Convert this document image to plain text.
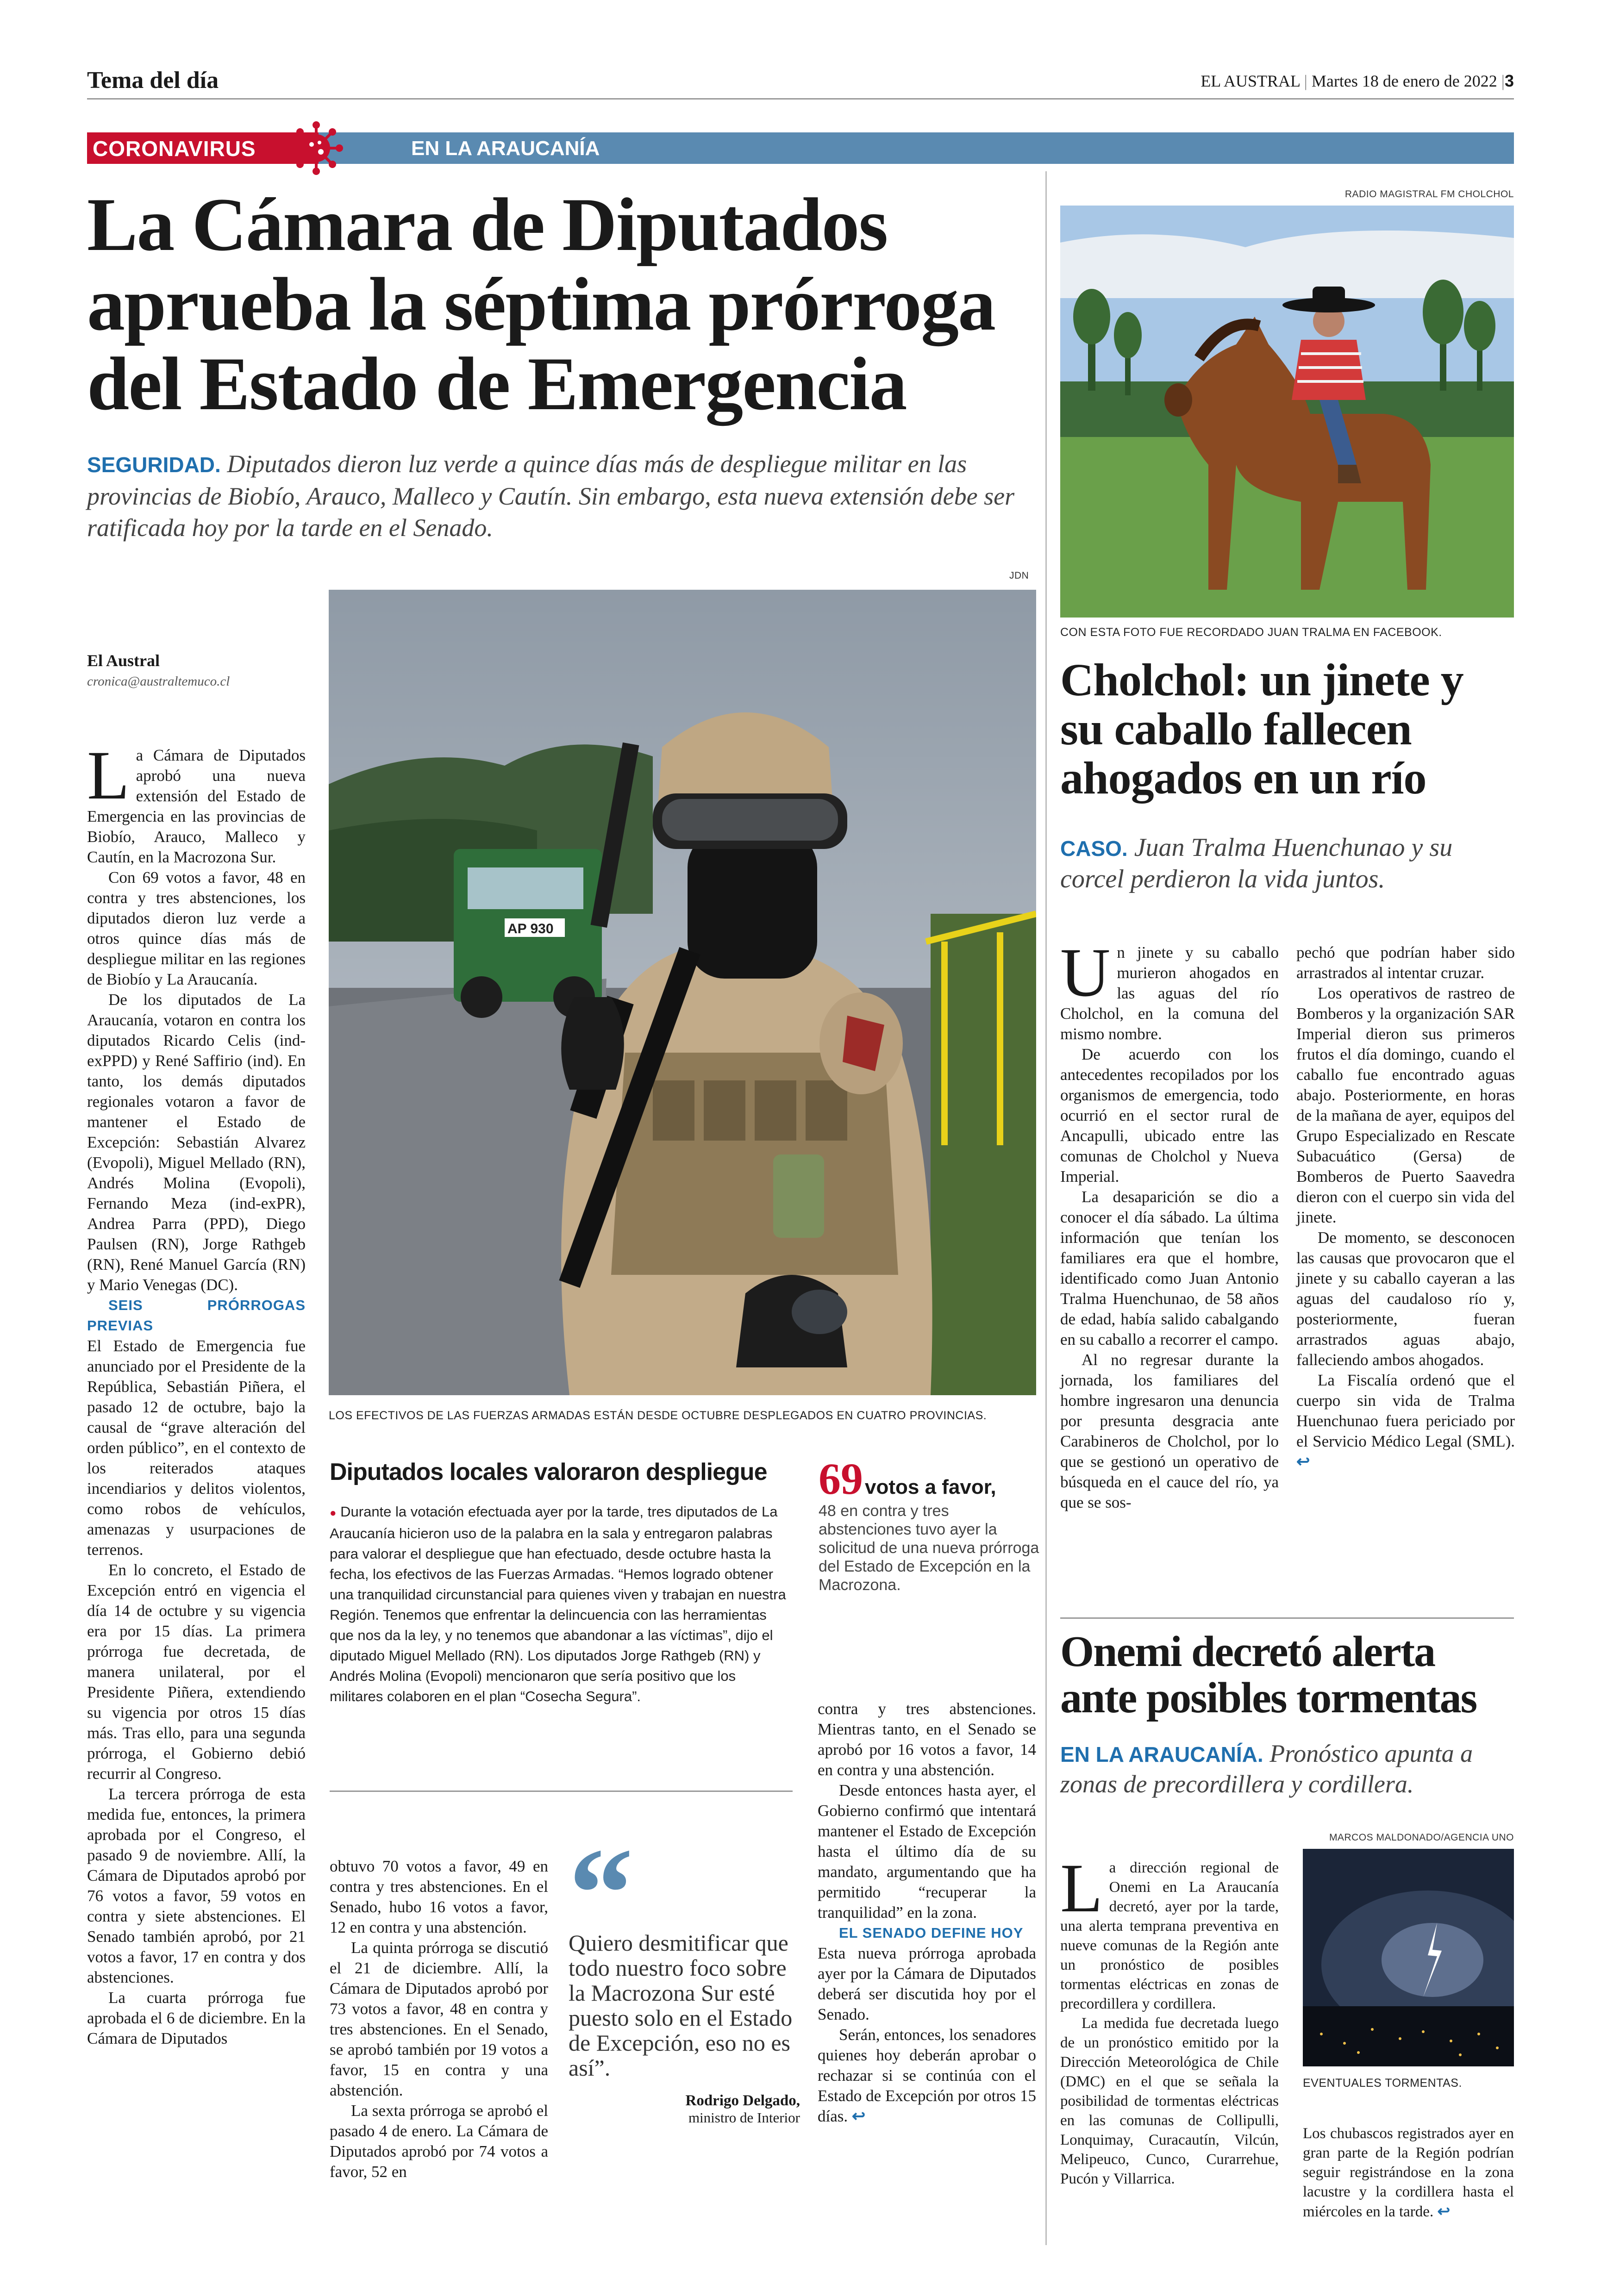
Tema del día	EL AUSTRAL | Martes 18 de enero de 2022 |3
CORONAVIRUS	EN LA ARAUCANÍA
La Cámara de Diputados aprueba la séptima prórroga del Estado de Emergencia
SEGURIDAD. Diputados dieron luz verde a quince días más de despliegue militar en las provincias de Biobío, Arauco, Malleco y Cautín. Sin embargo, esta nueva extensión debe ser ratificada hoy por la tarde en el Senado.
JDN
AP 930
LOS EFECTIVOS DE LAS FUERZAS ARMADAS ESTÁN DESDE OCTUBRE DESPLEGADOS EN CUATRO PROVINCIAS.
El Austral
cronica@australtemuco.cl

La Cámara de Diputados aprobó una nueva extensión del Estado de Emergencia en las provincias de Biobío, Arauco, Malleco y Cautín, en la Macrozona Sur.

Con 69 votos a favor, 48 en contra y tres abstenciones, los diputados dieron luz verde a otros quince días más de despliegue militar en las regiones de Biobío y La Araucanía.

De los diputados de La Araucanía, votaron en contra los diputados Ricardo Celis (ind-exPPD) y René Saffirio (ind). En tanto, los demás diputados regionales votaron a favor de mantener el Estado de Excepción: Sebastián Alvarez (Evopoli), Miguel Mellado (RN), Andrés Molina (Evopoli), Fernando Meza (ind-exPR), Andrea Parra (PPD), Diego Paulsen (RN), Jorge Rathgeb (RN), René Manuel García (RN) y Mario Venegas (DC).

SEIS PRÓRROGAS PREVIAS

El Estado de Emergencia fue anunciado por el Presidente de la República, Sebastián Piñera, el pasado 12 de octubre, bajo la causal de “grave alteración del orden público”, en el contexto de los reiterados ataques incendiarios y delitos violentos, como robos de vehículos, amenazas y usurpaciones de terrenos.

En lo concreto, el Estado de Excepción entró en vigencia el día 14 de octubre y su vigencia era por 15 días. La primera prórroga fue decretada, de manera unilateral, por el Presidente Piñera, extendiendo su vigencia por otros 15 días más. Tras ello, para una segunda prórroga, el Gobierno debió recurrir al Congreso.

La tercera prórroga de esta medida fue, entonces, la primera aprobada por el Congreso, el pasado 9 de noviembre. Allí, la Cámara de Diputados aprobó por 76 votos a favor, 59 votos en contra y siete abstenciones. El Senado también aprobó, por 21 votos a favor, 17 en contra y dos abstenciones.

La cuarta prórroga fue aprobada el 6 de diciembre. En la Cámara de Diputados

Diputados locales valoraron despliegue
● Durante la votación efectuada ayer por la tarde, tres diputados de La Araucanía hicieron uso de la palabra en la sala y entregaron palabras para valorar el despliegue que han efectuado, desde octubre hasta la fecha, los efectivos de las Fuerzas Armadas. “Hemos logrado obtener una tranquilidad circunstancial para quienes viven y trabajan en nuestra Región. Tenemos que enfrentar la delincuencia con las herramientas que nos da la ley, y no tenemos que abandonar a las víctimas”, dijo el diputado Miguel Mellado (RN). Los diputados Jorge Rathgeb (RN) y Andrés Molina (Evopoli) mencionaron que sería positivo que los militares colaboren en el plan “Cosecha Segura”.
69 votos a favor,
48 en contra y tres abstenciones tuvo ayer la solicitud de una nueva prórroga del Estado de Excepción en la Macrozona.

obtuvo 70 votos a favor, 49 en contra y tres abstenciones. En el Senado, hubo 16 votos a favor, 12 en contra y una abstención.

La quinta prórroga se discutió el 21 de diciembre. Allí, la Cámara de Diputados aprobó por 73 votos a favor, 48 en contra y tres abstenciones. En el Senado, se aprobó también por 19 votos a favor, 15 en contra y una abstención.

La sexta prórroga se aprobó el pasado 4 de enero. La Cámara de Diputados aprobó por 74 votos a favor, 52 en

“
Quiero desmitificar que todo nuestro foco sobre la Macrozona Sur esté puesto solo en el Estado de Excepción, eso no es así”.
Rodrigo Delgado,
ministro de Interior

contra y tres abstenciones. Mientras tanto, en el Senado se aprobó por 16 votos a favor, 14 en contra y una abstención.

Desde entonces hasta ayer, el Gobierno confirmó que intentará mantener el Estado de Excepción hasta el último día de su mandato, argumentando que ha permitido “recuperar la tranquilidad” en la zona.

EL SENADO DEFINE HOY

Esta nueva prórroga aprobada ayer por la Cámara de Diputados deberá ser discutida hoy por el Senado.

Serán, entonces, los senadores quienes hoy deberán aprobar o rechazar si se continúa con el Estado de Excepción por otros 15 días. ↩

RADIO MAGISTRAL FM CHOLCHOL
CON ESTA FOTO FUE RECORDADO JUAN TRALMA EN FACEBOOK.
Cholchol: un jinete y su caballo fallecen ahogados en un río
CASO. Juan Tralma Huenchunao y su corcel perdieron la vida juntos.

Un jinete y su caballo murieron ahogados en las aguas del río Cholchol, en la comuna del mismo nombre.

De acuerdo con los antecedentes recopilados por los organismos de emergencia, todo ocurrió en el sector rural de Ancapulli, ubicado entre las comunas de Cholchol y Nueva Imperial.

La desaparición se dio a conocer el día sábado. La última información que tenían los familiares era que el hombre, identificado como Juan Antonio Tralma Huenchunao, de 58 años de edad, había salido cabalgando en su caballo a recorrer el campo.

Al no regresar durante la jornada, los familiares del hombre ingresaron una denuncia por presunta desgracia ante Carabineros de Cholchol, por lo que se gestionó un operativo de búsqueda en el cauce del río, ya que se sos-

pechó que podrían haber sido arrastrados al intentar cruzar.

Los operativos de rastreo de Bomberos y la organización SAR Imperial dieron sus primeros frutos el día domingo, cuando el caballo fue encontrado aguas abajo. Posteriormente, en horas de la mañana de ayer, equipos del Grupo Especializado en Rescate Subacuático (Gersa) de Bomberos de Puerto Saavedra dieron con el cuerpo sin vida del jinete.

De momento, se desconocen las causas que provocaron que el jinete y su caballo cayeran a las aguas del caudaloso río y, posteriormente, fueran arrastrados aguas abajo, falleciendo ambos ahogados.

La Fiscalía ordenó que el cuerpo sin vida de Tralma Huenchunao fuera periciado por el Servicio Médico Legal (SML). ↩

Onemi decretó alerta ante posibles tormentas
EN LA ARAUCANÍA. Pronóstico apunta a zonas de precordillera y cordillera.

La dirección regional de Onemi en La Araucanía decretó, ayer por la tarde, una alerta temprana preventiva en nueve comunas de la Región ante un pronóstico de posibles tormentas eléctricas en zonas de precordillera y cordillera.

La medida fue decretada luego de un pronóstico emitido por la Dirección Meteorológica de Chile (DMC) en el que se señala la posibilidad de tormentas eléctricas en las comunas de Collipulli, Lonquimay, Curacautín, Vilcún, Melipeuco, Cunco, Curarrehue, Pucón y Villarrica.

MARCOS MALDONADO/AGENCIA UNO
EVENTUALES TORMENTAS.

Los chubascos registrados ayer en gran parte de la Región podrían seguir registrándose en la zona lacustre y la cordillera hasta el miércoles en la tarde. ↩
